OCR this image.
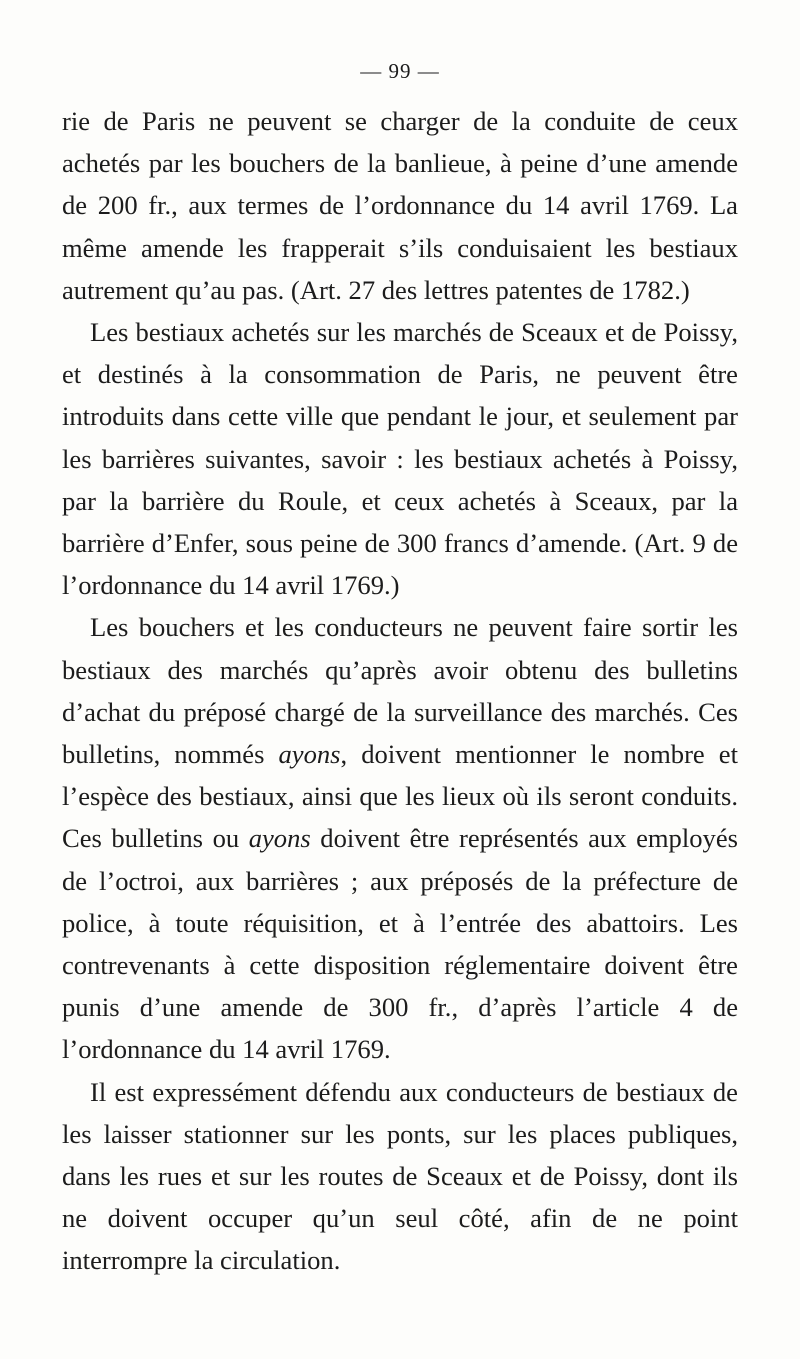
— 99 —

rie de Paris ne peuvent se charger de la conduite de ceux achetés par les bouchers de la banlieue, à peine d’une amende de 200 fr., aux termes de l’ordonnance du 14 avril 1769. La même amende les frapperait s’ils conduisaient les bestiaux autrement qu’au pas. (Art. 27 des lettres patentes de 1782.)

Les bestiaux achetés sur les marchés de Sceaux et de Poissy, et destinés à la consommation de Paris, ne peuvent être introduits dans cette ville que pendant le jour, et seulement par les barrières suivantes, savoir : les bestiaux achetés à Poissy, par la barrière du Roule, et ceux achetés à Sceaux, par la barrière d’Enfer, sous peine de 300 francs d’amende. (Art. 9 de l’ordonnance du 14 avril 1769.)

Les bouchers et les conducteurs ne peuvent faire sortir les bestiaux des marchés qu’après avoir obtenu des bulletins d’achat du préposé chargé de la surveillance des marchés. Ces bulletins, nommés ayons, doivent mentionner le nombre et l’espèce des bestiaux, ainsi que les lieux où ils seront conduits. Ces bulletins ou ayons doivent être représentés aux employés de l’octroi, aux barrières ; aux préposés de la préfecture de police, à toute réquisition, et à l’entrée des abattoirs. Les contrevenants à cette disposition réglementaire doivent être punis d’une amende de 300 fr., d’après l’article 4 de l’ordonnance du 14 avril 1769.

Il est expressément défendu aux conducteurs de bestiaux de les laisser stationner sur les ponts, sur les places publiques, dans les rues et sur les routes de Sceaux et de Poissy, dont ils ne doivent occuper qu’un seul côté, afin de ne point interrompre la circulation.
